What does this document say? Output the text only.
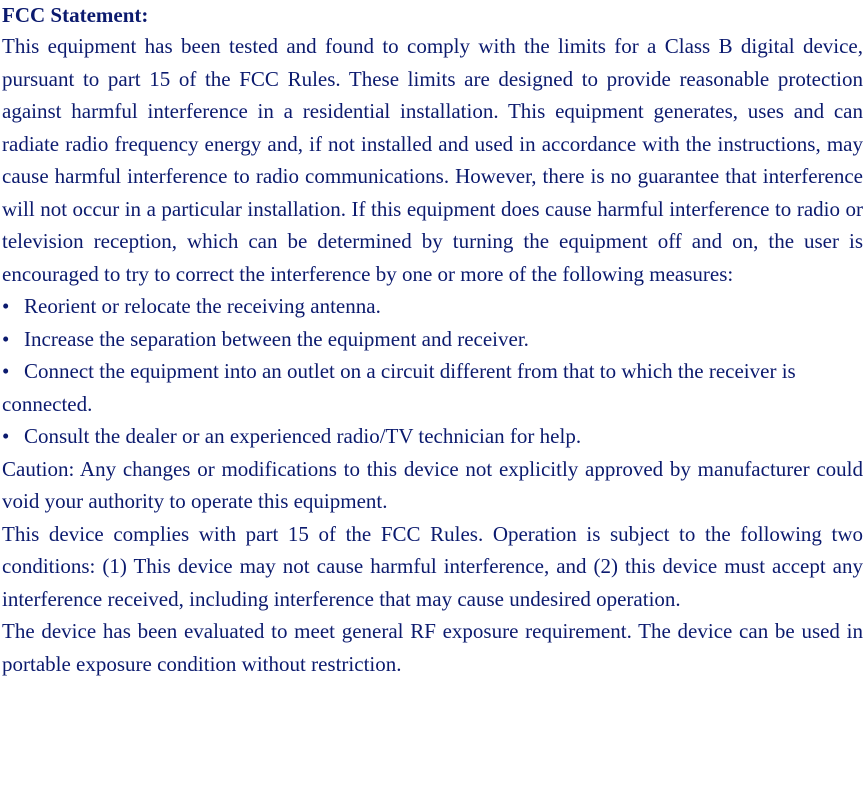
FCC Statement:

This equipment has been tested and found to comply with the limits for a Class B digital device, pursuant to part 15 of the FCC Rules. These limits are designed to provide reasonable protection against harmful interference in a residential installation. This equipment generates, uses and can radiate radio frequency energy and, if not installed and used in accordance with the instructions, may cause harmful interference to radio communications. However, there is no guarantee that interference will not occur in a particular installation. If this equipment does cause harmful interference to radio or television reception, which can be determined by turning the equipment off and on, the user is encouraged to try to correct the interference by one or more of the following measures:

• Reorient or relocate the receiving antenna.

• Increase the separation between the equipment and receiver.

• Connect the equipment into an outlet on a circuit different from that to which the receiver is connected.

• Consult the dealer or an experienced radio/TV technician for help.

Caution: Any changes or modifications to this device not explicitly approved by manufacturer could void your authority to operate this equipment.

This device complies with part 15 of the FCC Rules. Operation is subject to the following two conditions: (1) This device may not cause harmful interference, and (2) this device must accept any interference received, including interference that may cause undesired operation.

The device has been evaluated to meet general RF exposure requirement. The device can be used in portable exposure condition without restriction.
